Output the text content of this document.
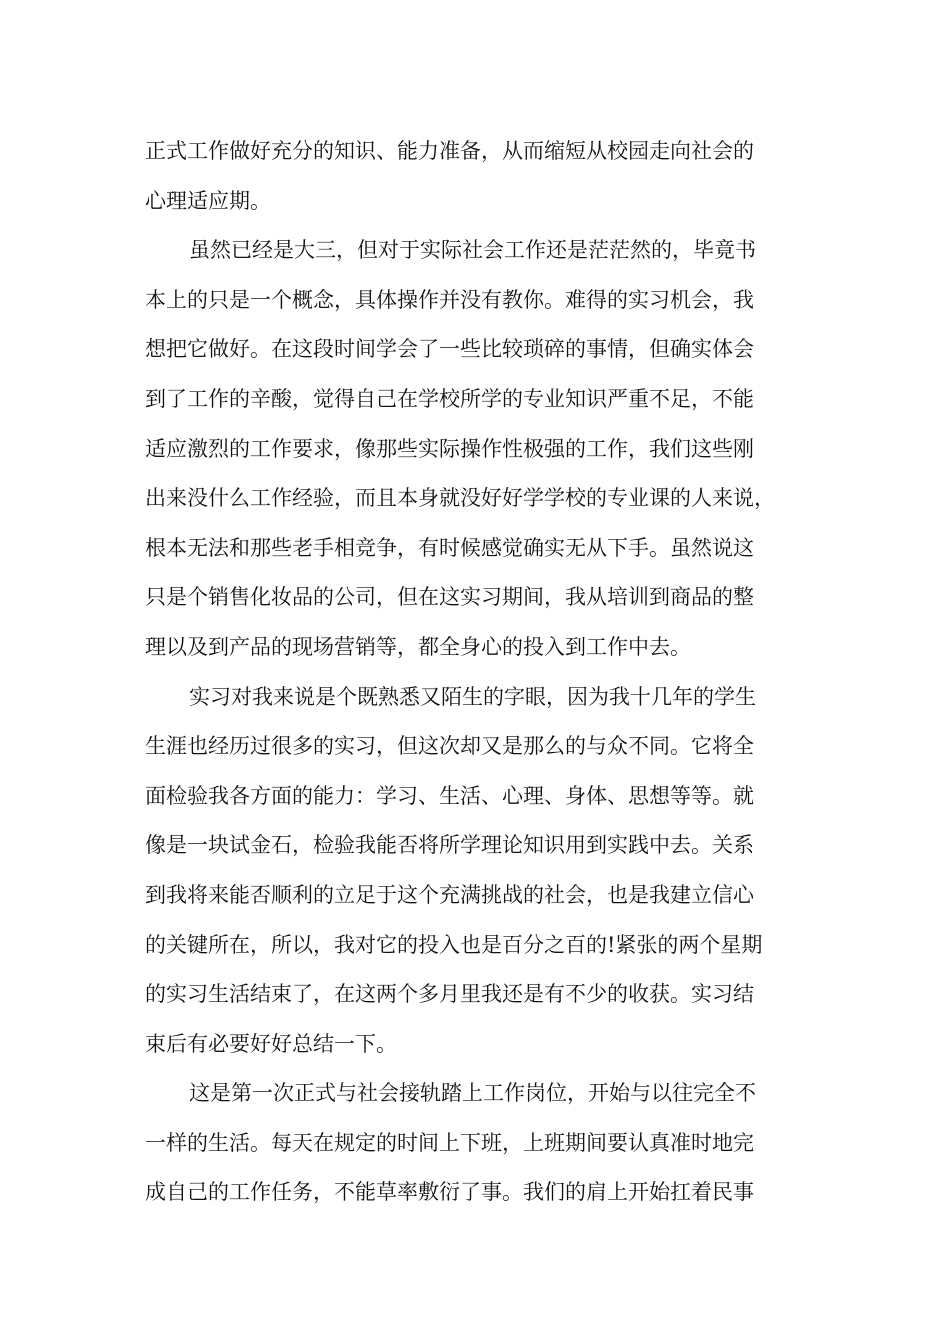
正式工作做好充分的知识、能力准备，从而缩短从校园走向社会的
心理适应期。
虽然已经是大三，但对于实际社会工作还是茫茫然的，毕竟书
本上的只是一个概念，具体操作并没有教你。难得的实习机会，我
想把它做好。在这段时间学会了一些比较琐碎的事情，但确实体会
到了工作的辛酸，觉得自己在学校所学的专业知识严重不足，不能
适应激烈的工作要求，像那些实际操作性极强的工作，我们这些刚
出来没什么工作经验，而且本身就没好好学学校的专业课的人来说，
根本无法和那些老手相竞争，有时候感觉确实无从下手。虽然说这
只是个销售化妆品的公司，但在这实习期间，我从培训到商品的整
理以及到产品的现场营销等，都全身心的投入到工作中去。
实习对我来说是个既熟悉又陌生的字眼，因为我十几年的学生
生涯也经历过很多的实习，但这次却又是那么的与众不同。它将全
面检验我各方面的能力：学习、生活、心理、身体、思想等等。就
像是一块试金石，检验我能否将所学理论知识用到实践中去。关系
到我将来能否顺利的立足于这个充满挑战的社会，也是我建立信心
的关键所在，所以，我对它的投入也是百分之百的!紧张的两个星期
的实习生活结束了，在这两个多月里我还是有不少的收获。实习结
束后有必要好好总结一下。
这是第一次正式与社会接轨踏上工作岗位，开始与以往完全不
一样的生活。每天在规定的时间上下班，上班期间要认真准时地完
成自己的工作任务，不能草率敷衍了事。我们的肩上开始扛着民事
